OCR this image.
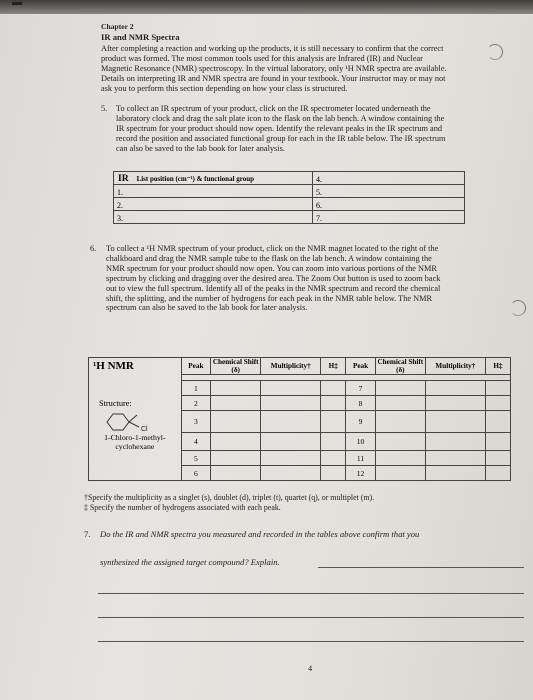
Chapter 2
IR and NMR Spectra
After completing a reaction and working up the products, it is still necessary to confirm that the correct
product was formed. The most common tools used for this analysis are Infrared (IR) and Nuclear
Magnetic Resonance (NMR) spectroscopy. In the virtual laboratory, only ¹H NMR spectra are available.
Details on interpreting IR and NMR spectra are found in your textbook. Your instructor may or may not
ask you to perform this section depending on how your class is structured.
5. To collect an IR spectrum of your product, click on the IR spectrometer located underneath the
laboratory clock and drag the salt plate icon to the flask on the lab bench. A window containing the
IR spectrum for your product should now open. Identify the relevant peaks in the IR spectrum and
record the position and associated functional group for each in the IR table below. The IR spectrum
can also be saved to the lab book for later analysis.
IR List position (cm⁻¹) & functional group	4.
1.	5.
2.	6.
3.	7.
6. To collect a ¹H NMR spectrum of your product, click on the NMR magnet located to the right of the
chalkboard and drag the NMR sample tube to the flask on the lab bench. A window containing the
NMR spectrum for your product should now open. You can zoom into various portions of the NMR
spectrum by clicking and dragging over the desired area. The Zoom Out button is used to zoom back
out to view the full spectrum. Identify all of the peaks in the NMR spectrum and record the chemical
shift, the splitting, and the number of hydrogens for each peak in the NMR table below. The NMR
spectrum can also be saved to the lab book for later analysis.
¹H NMR	Peak	Chemical Shift (δ)	Multiplicity†	H‡	Peak	Chemical Shift (δ)	Multiplicity†	H‡

	1				7			
Structure:	2				8			

Cl	3				9			

1-Chloro-1-methyl-
cyclohexane	4				10			
	5				11			
	6				12			
†Specify the multiplicity as a singlet (s), doublet (d), triplet (t), quartet (q), or multiplet (m).
‡ Specify the number of hydrogens associated with each peak.
7. Do the IR and NMR spectra you measured and recorded in the tables above confirm that you
synthesized the assigned target compound? Explain.
4
